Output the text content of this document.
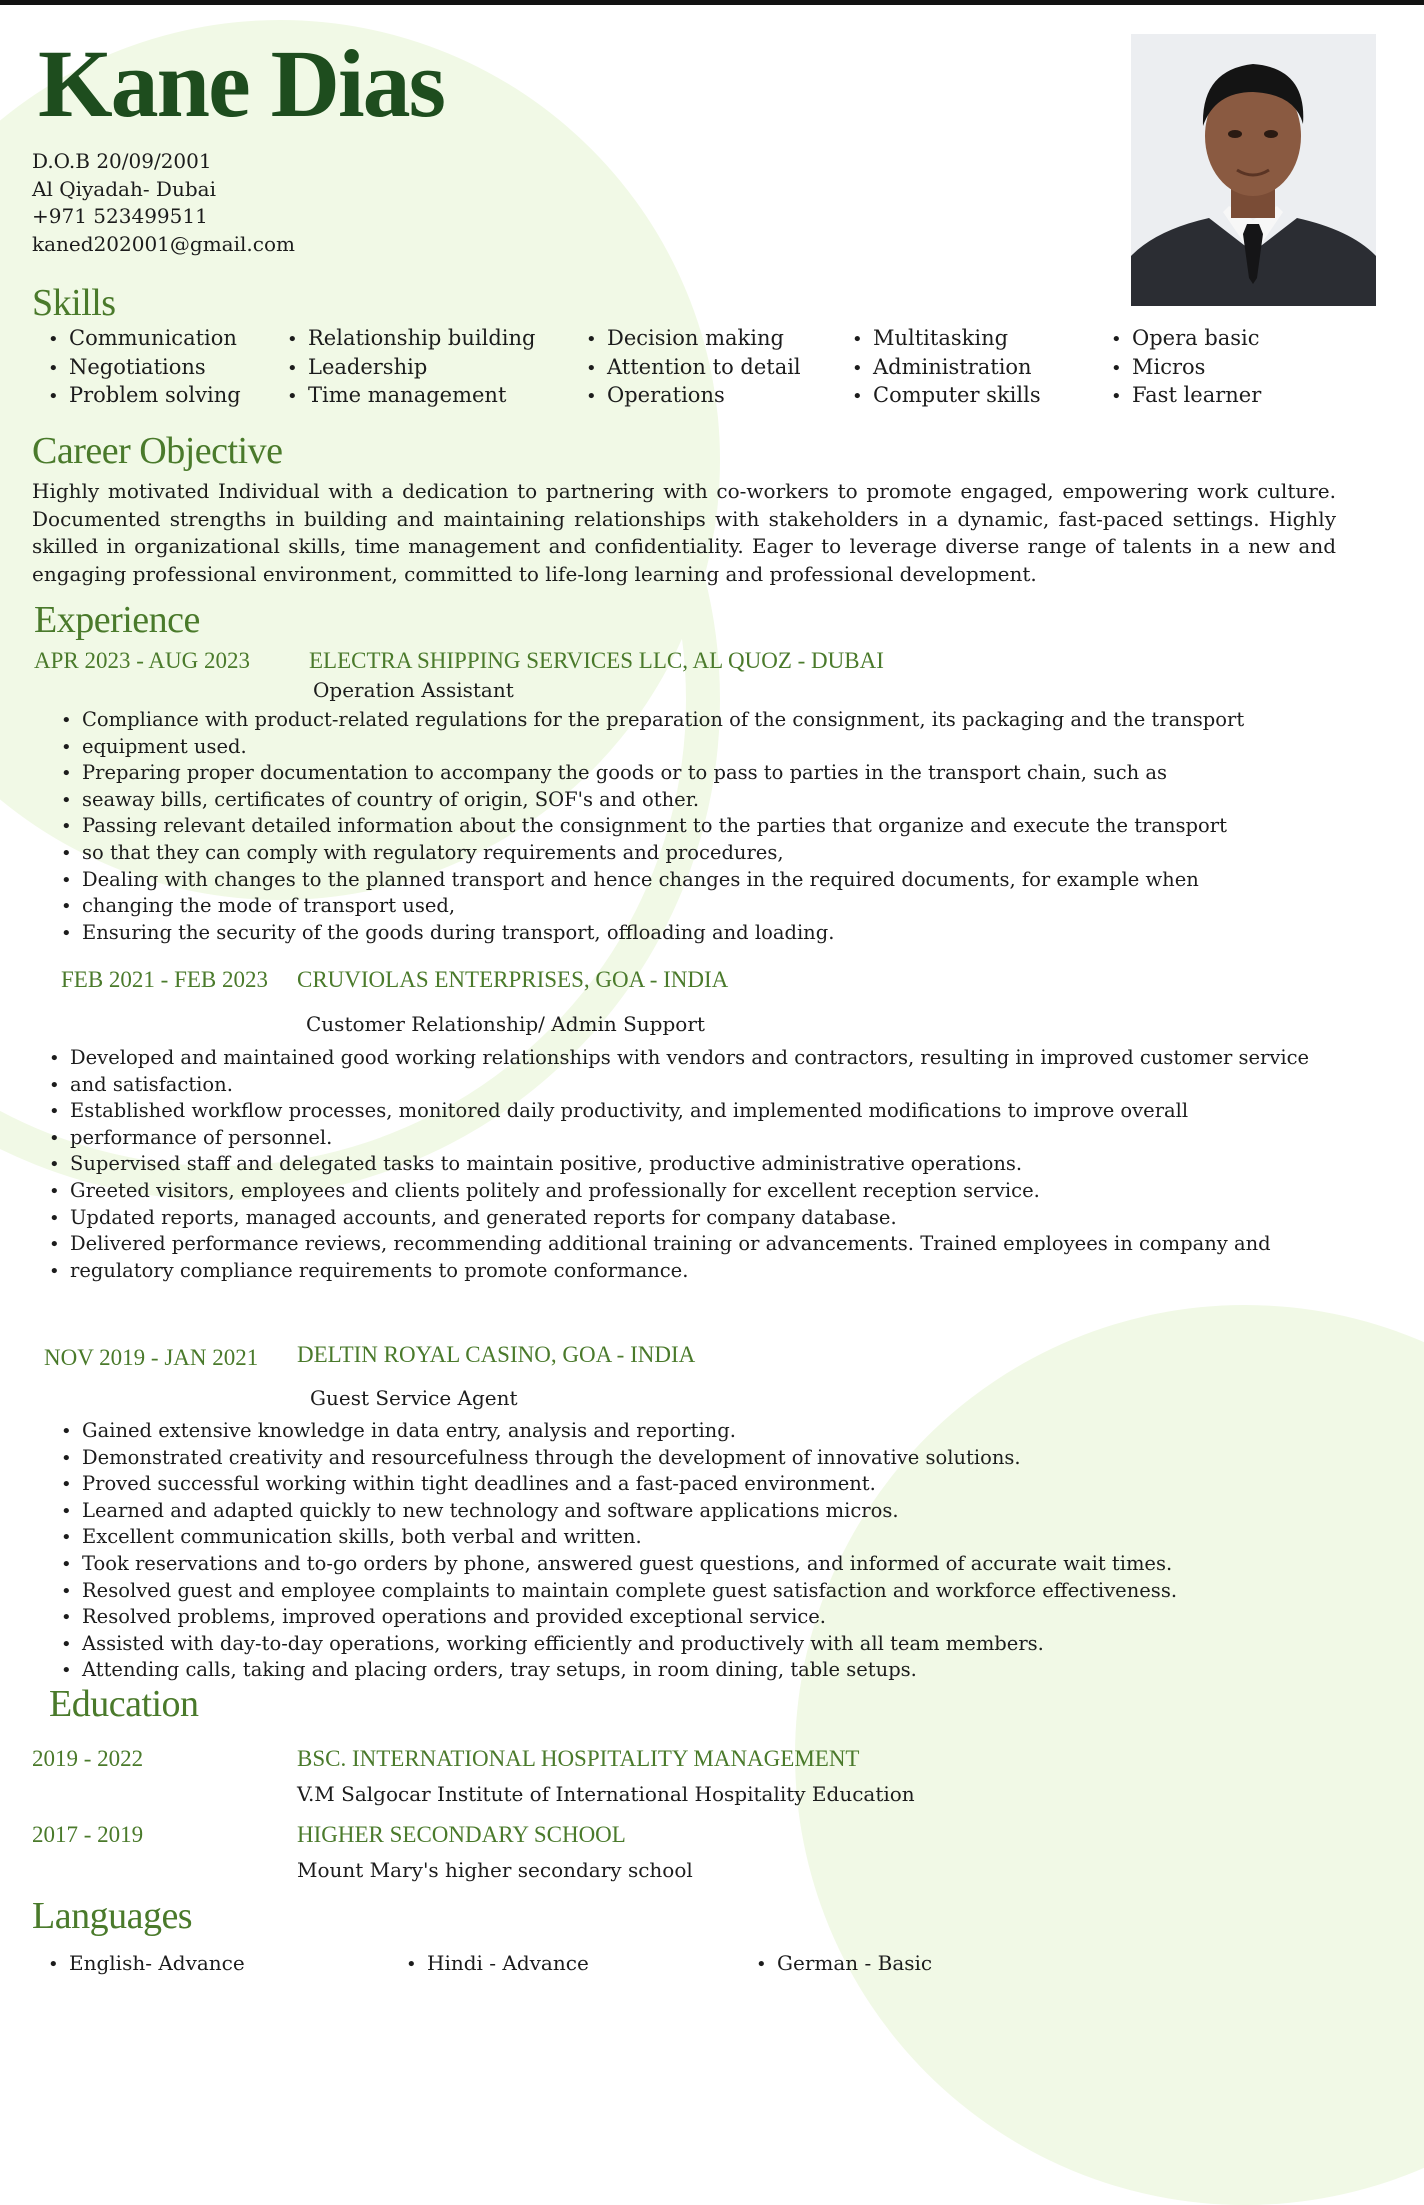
Kane Dias
D.O.B 20/09/2001
Al Qiyadah- Dubai
+971 523499511
kaned202001@gmail.com
Skills
• Communication
• Negotiations
• Problem solving
• Relationship building
• Leadership
• Time management
• Decision making
• Attention to detail
• Operations
• Multitasking
• Administration
• Computer skills
• Opera basic
• Micros
• Fast learner
Career Objective

Highly motivated Individual with a dedication to partnering with co-workers to promote engaged, empowering work culture. Documented strengths in building and maintaining relationships with stakeholders in a dynamic, fast-paced settings. Highly skilled in organizational skills, time management and confidentiality. Eager to leverage diverse range of talents in a new and engaging professional environment, committed to life-long learning and professional development.

Experience
APR 2023 - AUG 2023	ELECTRA SHIPPING SERVICES LLC, AL QUOZ - DUBAI
Operation Assistant
• Compliance with product-related regulations for the preparation of the consignment, its packaging and the transport
• equipment used.
• Preparing proper documentation to accompany the goods or to pass to parties in the transport chain, such as
• seaway bills, certificates of country of origin, SOF's and other.
• Passing relevant detailed information about the consignment to the parties that organize and execute the transport
• so that they can comply with regulatory requirements and procedures,
• Dealing with changes to the planned transport and hence changes in the required documents, for example when
• changing the mode of transport used,
• Ensuring the security of the goods during transport, offloading and loading.
FEB 2021 - FEB 2023 CRUVIOLAS ENTERPRISES, GOA - INDIA
Customer Relationship/ Admin Support
• Developed and maintained good working relationships with vendors and contractors, resulting in improved customer service
• and satisfaction.
• Established workflow processes, monitored daily productivity, and implemented modifications to improve overall
• performance of personnel.
• Supervised staff and delegated tasks to maintain positive, productive administrative operations.
• Greeted visitors, employees and clients politely and professionally for excellent reception service.
• Updated reports, managed accounts, and generated reports for company database.
• Delivered performance reviews, recommending additional training or advancements. Trained employees in company and
• regulatory compliance requirements to promote conformance.
NOV 2019 - JAN 2021 DELTIN ROYAL CASINO, GOA - INDIA
Guest Service Agent
• Gained extensive knowledge in data entry, analysis and reporting.
• Demonstrated creativity and resourcefulness through the development of innovative solutions.
• Proved successful working within tight deadlines and a fast-paced environment.
• Learned and adapted quickly to new technology and software applications micros.
• Excellent communication skills, both verbal and written.
• Took reservations and to-go orders by phone, answered guest questions, and informed of accurate wait times.
• Resolved guest and employee complaints to maintain complete guest satisfaction and workforce effectiveness.
• Resolved problems, improved operations and provided exceptional service.
• Assisted with day-to-day operations, working efficiently and productively with all team members.
• Attending calls, taking and placing orders, tray setups, in room dining, table setups.
Education
2019 - 2022	BSC. INTERNATIONAL HOSPITALITY MANAGEMENT
V.M Salgocar Institute of International Hospitality Education
2017 - 2019	HIGHER SECONDARY SCHOOL
Mount Mary's higher secondary school
Languages
• English- Advance	• Hindi - Advance	• German - Basic
